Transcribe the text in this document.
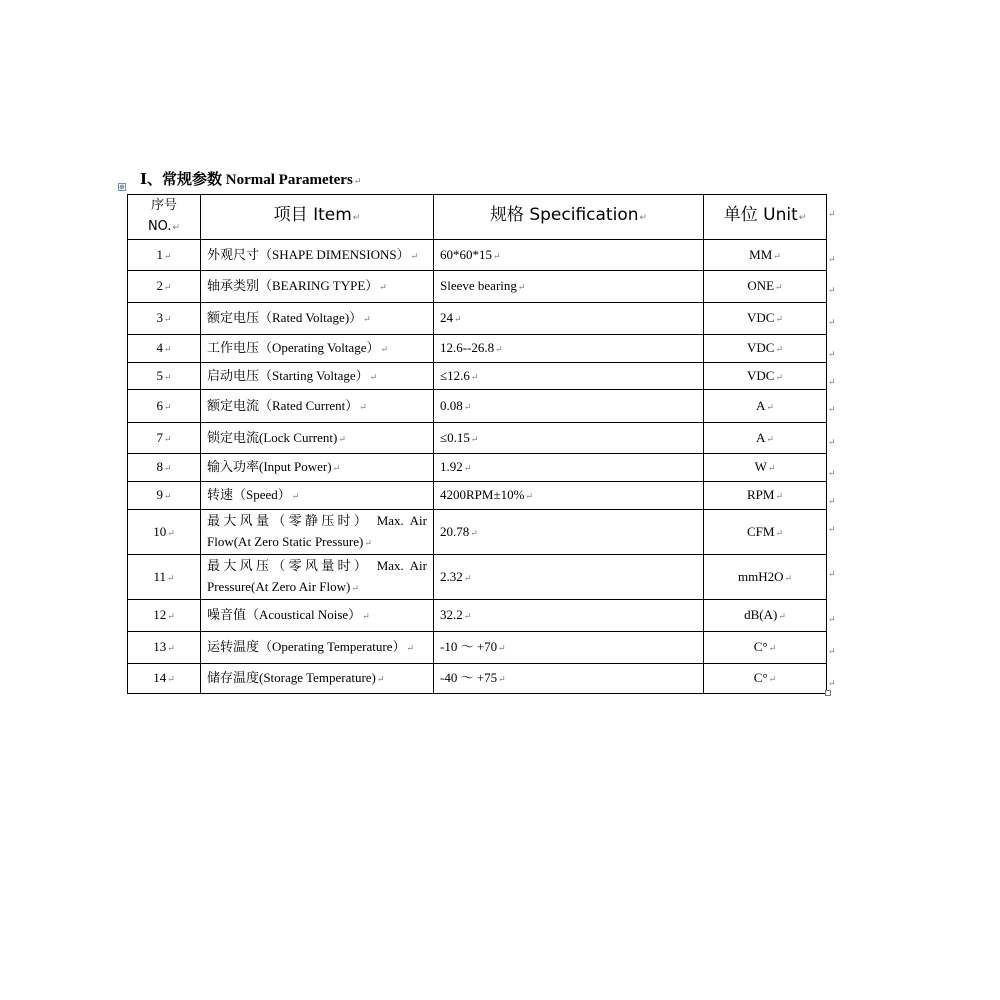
⊕ Ⅰ、常规参数 Normal Parameters↵
序号 NO.↵	项目 Item↵	规格 Specification↵	单位 Unit↵
1↵	外观尺寸（SHAPE DIMENSIONS）↵	60*60*15↵	MM↵
2↵	轴承类别（BEARING TYPE）↵	Sleeve bearing↵	ONE↵
3↵	额定电压（Rated Voltage)）↵	24↵	VDC↵
4↵	工作电压（Operating Voltage）↵	12.6--26.8↵	VDC↵
5↵	启动电压（Starting Voltage）↵	≤12.6↵	VDC↵
6↵	额定电流（Rated Current）↵	0.08↵	A↵
7↵	锁定电流(Lock Current)↵	≤0.15↵	A↵
8↵	输入功率(Input Power)↵	1.92↵	W↵
9↵	转速（Speed）↵	4200RPM±10%↵	RPM↵
10↵	最大风量（零静压时） Max. Air Flow(At Zero Static Pressure)↵	20.78↵	CFM↵
11↵	最大风压（零风量时） Max. Air Pressure(At Zero Air Flow)↵	2.32↵	mmH2O↵
12↵	噪音值（Acoustical Noise）↵	32.2↵	dB(A)↵
13↵	运转温度（Operating Temperature）↵	-10 ～ +70↵	C°↵
14↵	储存温度(Storage Temperature)↵	-40 ～ +75↵	C°↵
↵
↵
↵
↵
↵
↵
↵
↵
↵
↵
↵
↵
↵
↵
↵
